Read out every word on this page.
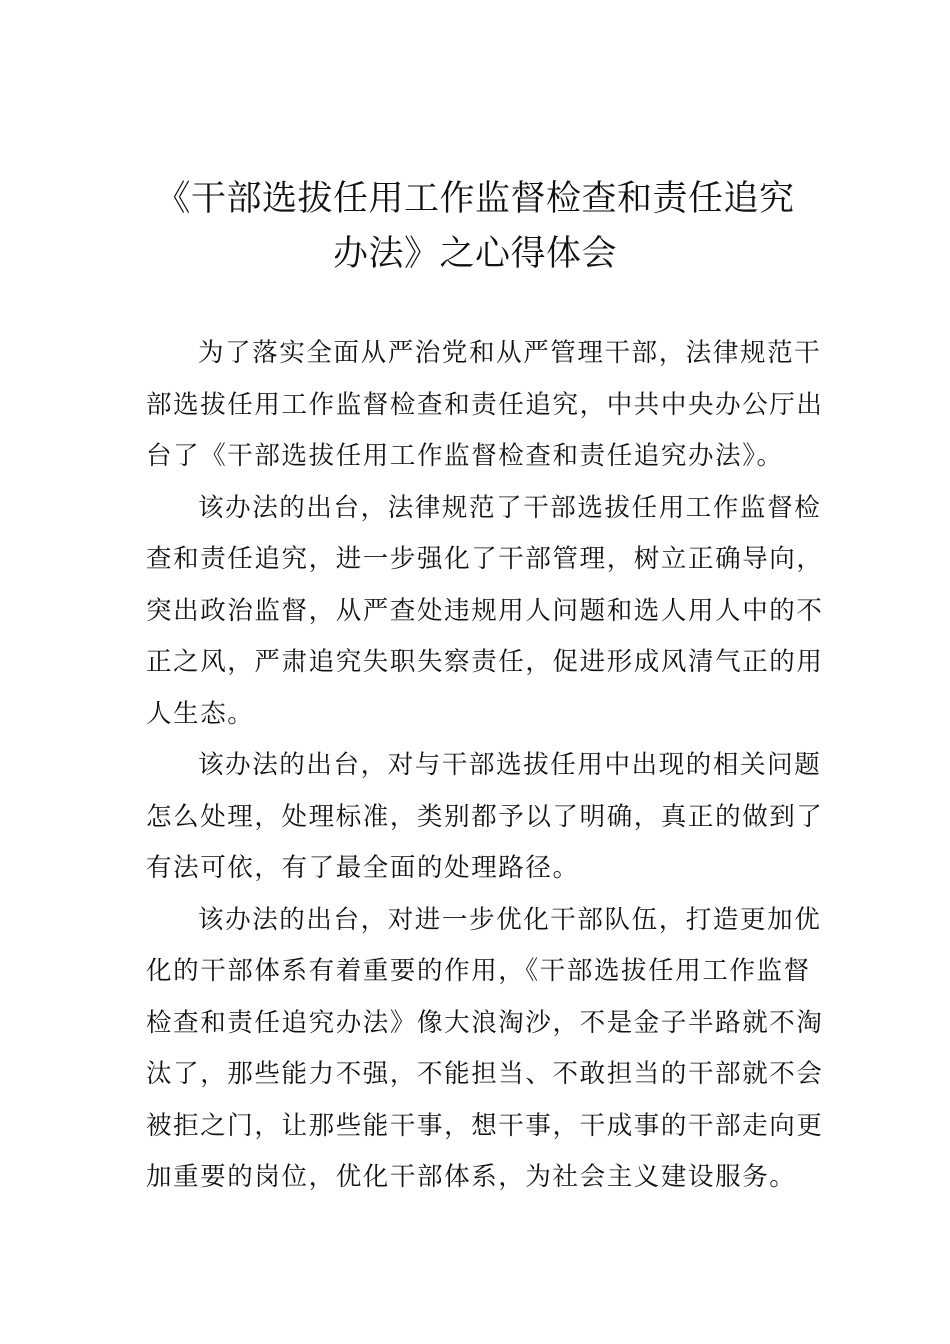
《干部选拔任用工作监督检查和责任追究
办法》之心得体会
为了落实全面从严治党和从严管理干部，法律规范干
部选拔任用工作监督检查和责任追究，中共中央办公厅出
台了《干部选拔任用工作监督检查和责任追究办法》。
该办法的出台，法律规范了干部选拔任用工作监督检
查和责任追究，进一步强化了干部管理，树立正确导向，
突出政治监督，从严查处违规用人问题和选人用人中的不
正之风，严肃追究失职失察责任，促进形成风清气正的用
人生态。
该办法的出台，对与干部选拔任用中出现的相关问题
怎么处理，处理标准，类别都予以了明确，真正的做到了
有法可依，有了最全面的处理路径。
该办法的出台，对进一步优化干部队伍，打造更加优
化的干部体系有着重要的作用，《干部选拔任用工作监督
检查和责任追究办法》像大浪淘沙，不是金子半路就不淘
汰了，那些能力不强，不能担当、不敢担当的干部就不会
被拒之门，让那些能干事，想干事，干成事的干部走向更
加重要的岗位，优化干部体系，为社会主义建设服务。
